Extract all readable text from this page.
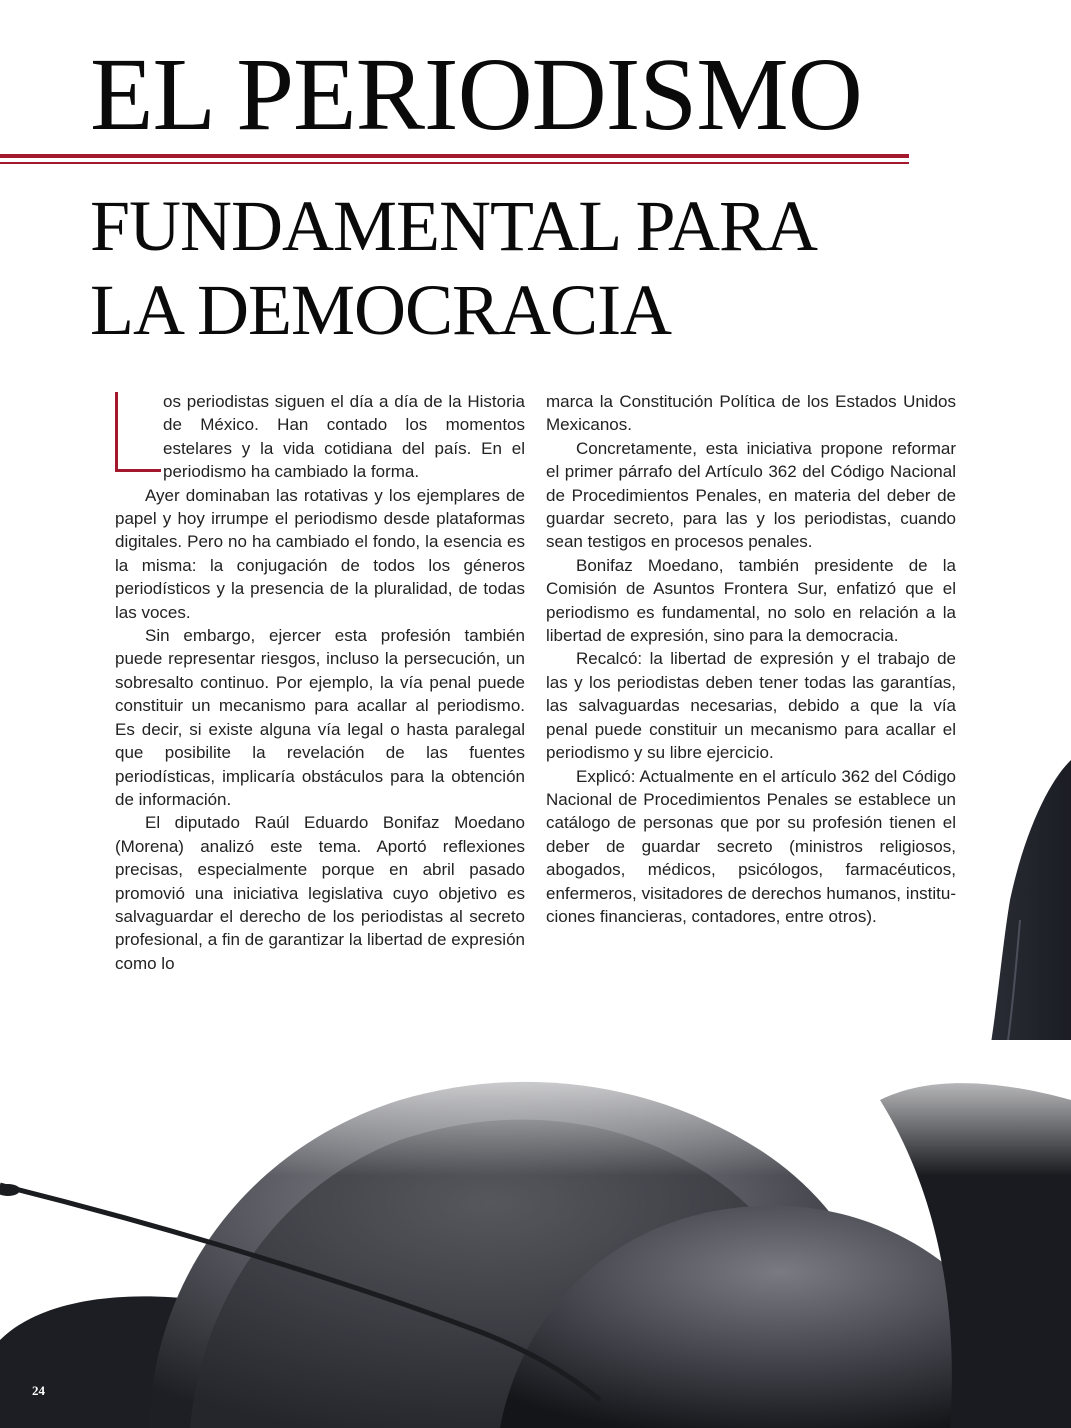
EL PERIODISMO
FUNDAMENTAL PARA
LA DEMOCRACIA

os periodistas siguen el día a día de la Historia de México. Han contado los momentos estelares y la vida cotidiana del país. En el periodismo ha cambiado la forma.

Ayer dominaban las rotativas y los ejemplares de papel y hoy irrumpe el periodismo desde plataformas digitales. Pero no ha cambiado el fondo, la esencia es la misma: la conjugación de todos los géneros periodísticos y la presencia de la pluralidad, de todas las voces.

Sin embargo, ejercer esta profesión también puede representar riesgos, incluso la persecución, un sobresalto continuo. Por ejemplo, la vía penal puede constituir un mecanismo para acallar al periodismo. Es decir, si existe alguna vía legal o hasta paralegal que posibilite la revelación de las fuentes periodísticas, implicaría obstáculos para la obtención de información.

El diputado Raúl Eduardo Bonifaz Moedano (Morena) analizó este tema. Aportó reflexiones precisas, especialmente porque en abril pasado promovió una iniciativa legislativa cuyo objetivo es salvaguardar el derecho de los periodistas al secreto profesional, a fin de garantizar la libertad de expresión como lo

marca la Constitución Política de los Estados Unidos Mexicanos.

Concretamente, esta iniciativa propone reformar el primer párrafo del Artículo 362 del Código Nacional de Procedimientos Penales, en materia del deber de guardar secreto, para las y los periodistas, cuando sean testigos en procesos penales.

Bonifaz Moedano, también presidente de la Comisión de Asuntos Frontera Sur, enfatizó que el periodismo es fundamental, no solo en relación a la libertad de expresión, sino para la democracia.

Recalcó: la libertad de expresión y el trabajo de las y los periodistas deben tener todas las garantías, las salvaguardas necesarias, debido a que la vía penal puede constituir un mecanismo para acallar el periodismo y su libre ejercicio.

Explicó: Actualmente en el artículo 362 del Código Nacional de Procedimientos Penales se establece un catálogo de personas que por su profesión tienen el deber de guardar secreto (ministros religiosos, abogados, médicos, psicólogos, farmacéuticos, enfermeros, visitadores de derechos humanos, instituciones financieras, contadores, entre otros).

24
